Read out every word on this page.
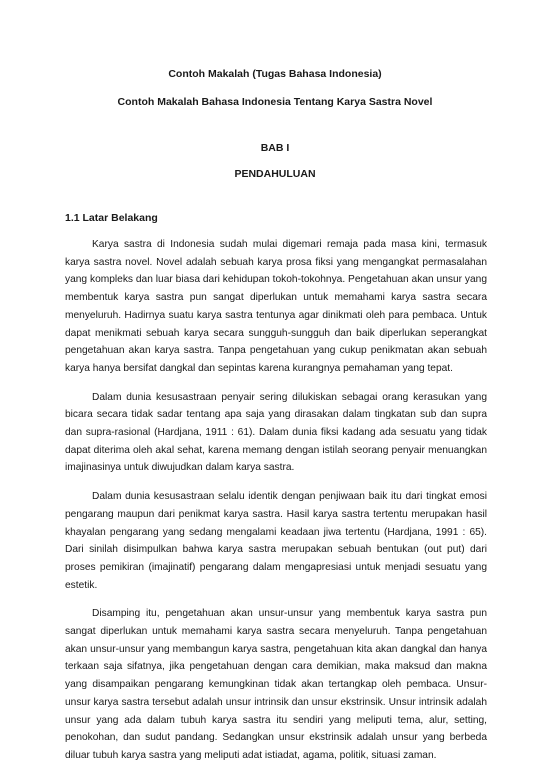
Contoh Makalah (Tugas Bahasa Indonesia)
Contoh Makalah Bahasa Indonesia Tentang Karya Sastra Novel
BAB I
PENDAHULUAN
1.1 Latar Belakang

Karya sastra di Indonesia sudah mulai digemari remaja pada masa kini, termasuk karya sastra novel. Novel adalah sebuah karya prosa fiksi yang mengangkat permasalahan yang kompleks dan luar biasa dari kehidupan tokoh-tokohnya. Pengetahuan akan unsur yang membentuk karya sastra pun sangat diperlukan untuk memahami karya sastra secara menyeluruh. Hadirnya suatu karya sastra tentunya agar dinikmati oleh para pembaca. Untuk dapat menikmati sebuah karya secara sungguh-sungguh dan baik diperlukan seperangkat pengetahuan akan karya sastra. Tanpa pengetahuan yang cukup penikmatan akan sebuah karya hanya bersifat dangkal dan sepintas karena kurangnya pemahaman yang tepat.

Dalam dunia kesusastraan penyair sering dilukiskan sebagai orang kerasukan yang bicara secara tidak sadar tentang apa saja yang dirasakan dalam tingkatan sub dan supra dan supra-rasional (Hardjana, 1911 : 61). Dalam dunia fiksi kadang ada sesuatu yang tidak dapat diterima oleh akal sehat, karena memang dengan istilah seorang penyair menuangkan imajinasinya untuk diwujudkan dalam karya sastra.

Dalam dunia kesusastraan selalu identik dengan penjiwaan baik itu dari tingkat emosi pengarang maupun dari penikmat karya sastra. Hasil karya sastra tertentu merupakan hasil khayalan pengarang yang sedang mengalami keadaan jiwa tertentu (Hardjana, 1991 : 65). Dari sinilah disimpulkan bahwa karya sastra merupakan sebuah bentukan (out put) dari proses pemikiran (imajinatif) pengarang dalam mengapresiasi untuk menjadi sesuatu yang estetik.

Disamping itu, pengetahuan akan unsur-unsur yang membentuk karya sastra pun sangat diperlukan untuk memahami karya sastra secara menyeluruh. Tanpa pengetahuan akan unsur-unsur yang membangun karya sastra, pengetahuan kita akan dangkal dan hanya terkaan saja sifatnya, jika pengetahuan dengan cara demikian, maka maksud dan makna yang disampaikan pengarang kemungkinan tidak akan tertangkap oleh pembaca. Unsur-unsur karya sastra tersebut adalah unsur intrinsik dan unsur ekstrinsik. Unsur intrinsik adalah unsur yang ada dalam tubuh karya sastra itu sendiri yang meliputi tema, alur, setting, penokohan, dan sudut pandang. Sedangkan unsur ekstrinsik adalah unsur yang berbeda diluar tubuh karya sastra yang meliputi adat istiadat, agama, politik, situasi zaman.
